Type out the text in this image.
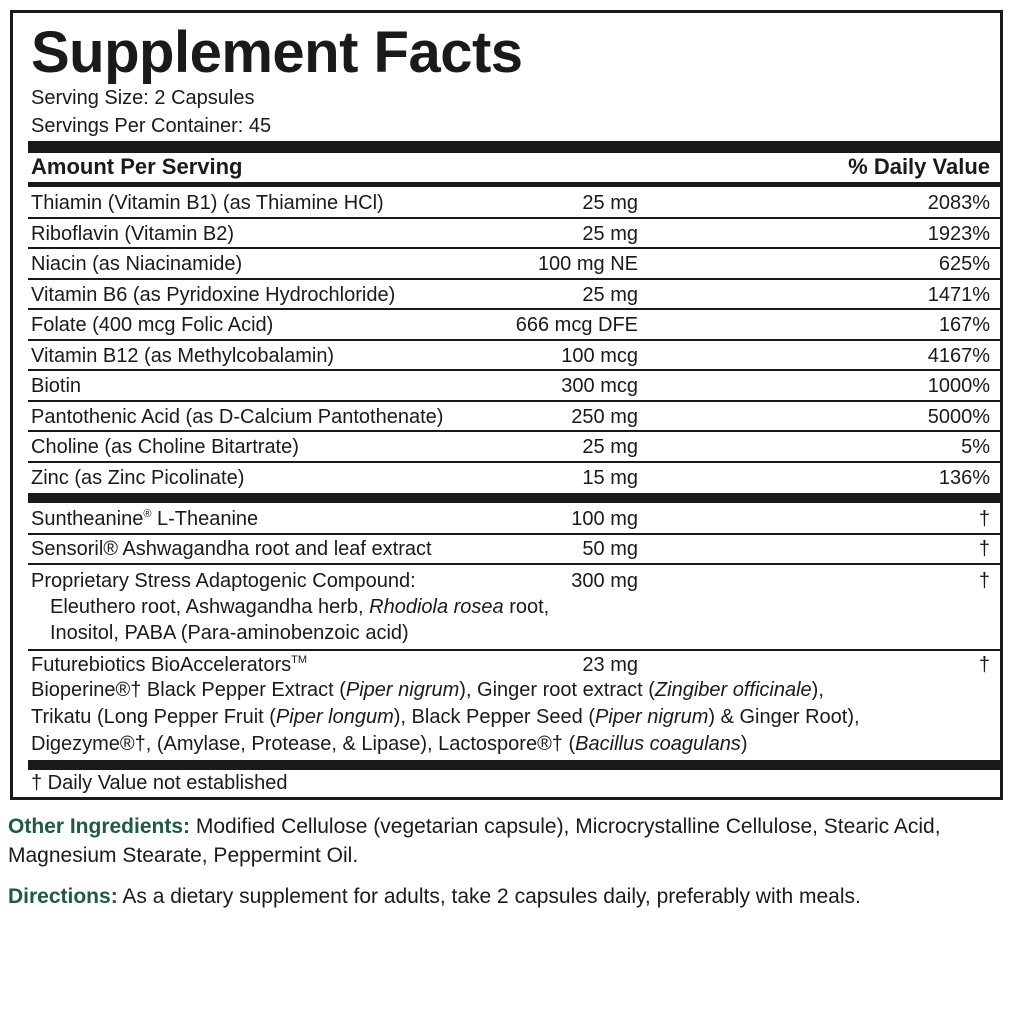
Supplement Facts
Serving Size: 2 Capsules
Servings Per Container: 45
Amount Per Serving	% Daily Value
Thiamin (Vitamin B1) (as Thiamine HCl)	25 mg	2083%
Riboflavin (Vitamin B2)	25 mg	1923%
Niacin (as Niacinamide)	100 mg NE	625%
Vitamin B6 (as Pyridoxine Hydrochloride)	25 mg	1471%
Folate (400 mcg Folic Acid)	666 mcg DFE	167%
Vitamin B12 (as Methylcobalamin)	100 mcg	4167%
Biotin	300 mcg	1000%
Pantothenic Acid (as D-Calcium Pantothenate)	250 mg	5000%
Choline (as Choline Bitartrate)	25 mg	5%
Zinc (as Zinc Picolinate)	15 mg	136%
Suntheanine® L-Theanine	100 mg	†
Sensoril® Ashwagandha root and leaf extract	50 mg	†
Proprietary Stress Adaptogenic Compound:	300 mg	†
Eleuthero root, Ashwagandha herb, Rhodiola rosea root,
Inositol, PABA (Para-aminobenzoic acid)
Futurebiotics BioAccelerators™	23 mg	†
Bioperine®† Black Pepper Extract (Piper nigrum), Ginger root extract (Zingiber officinale),
Trikatu (Long Pepper Fruit (Piper longum), Black Pepper Seed (Piper nigrum) & Ginger Root),
Digezyme®†, (Amylase, Protease, & Lipase), Lactospore®† (Bacillus coagulans)
† Daily Value not established
Other Ingredients: Modified Cellulose (vegetarian capsule), Microcrystalline Cellulose, Stearic Acid, Magnesium Stearate, Peppermint Oil.
Directions: As a dietary supplement for adults, take 2 capsules daily, preferably with meals.
